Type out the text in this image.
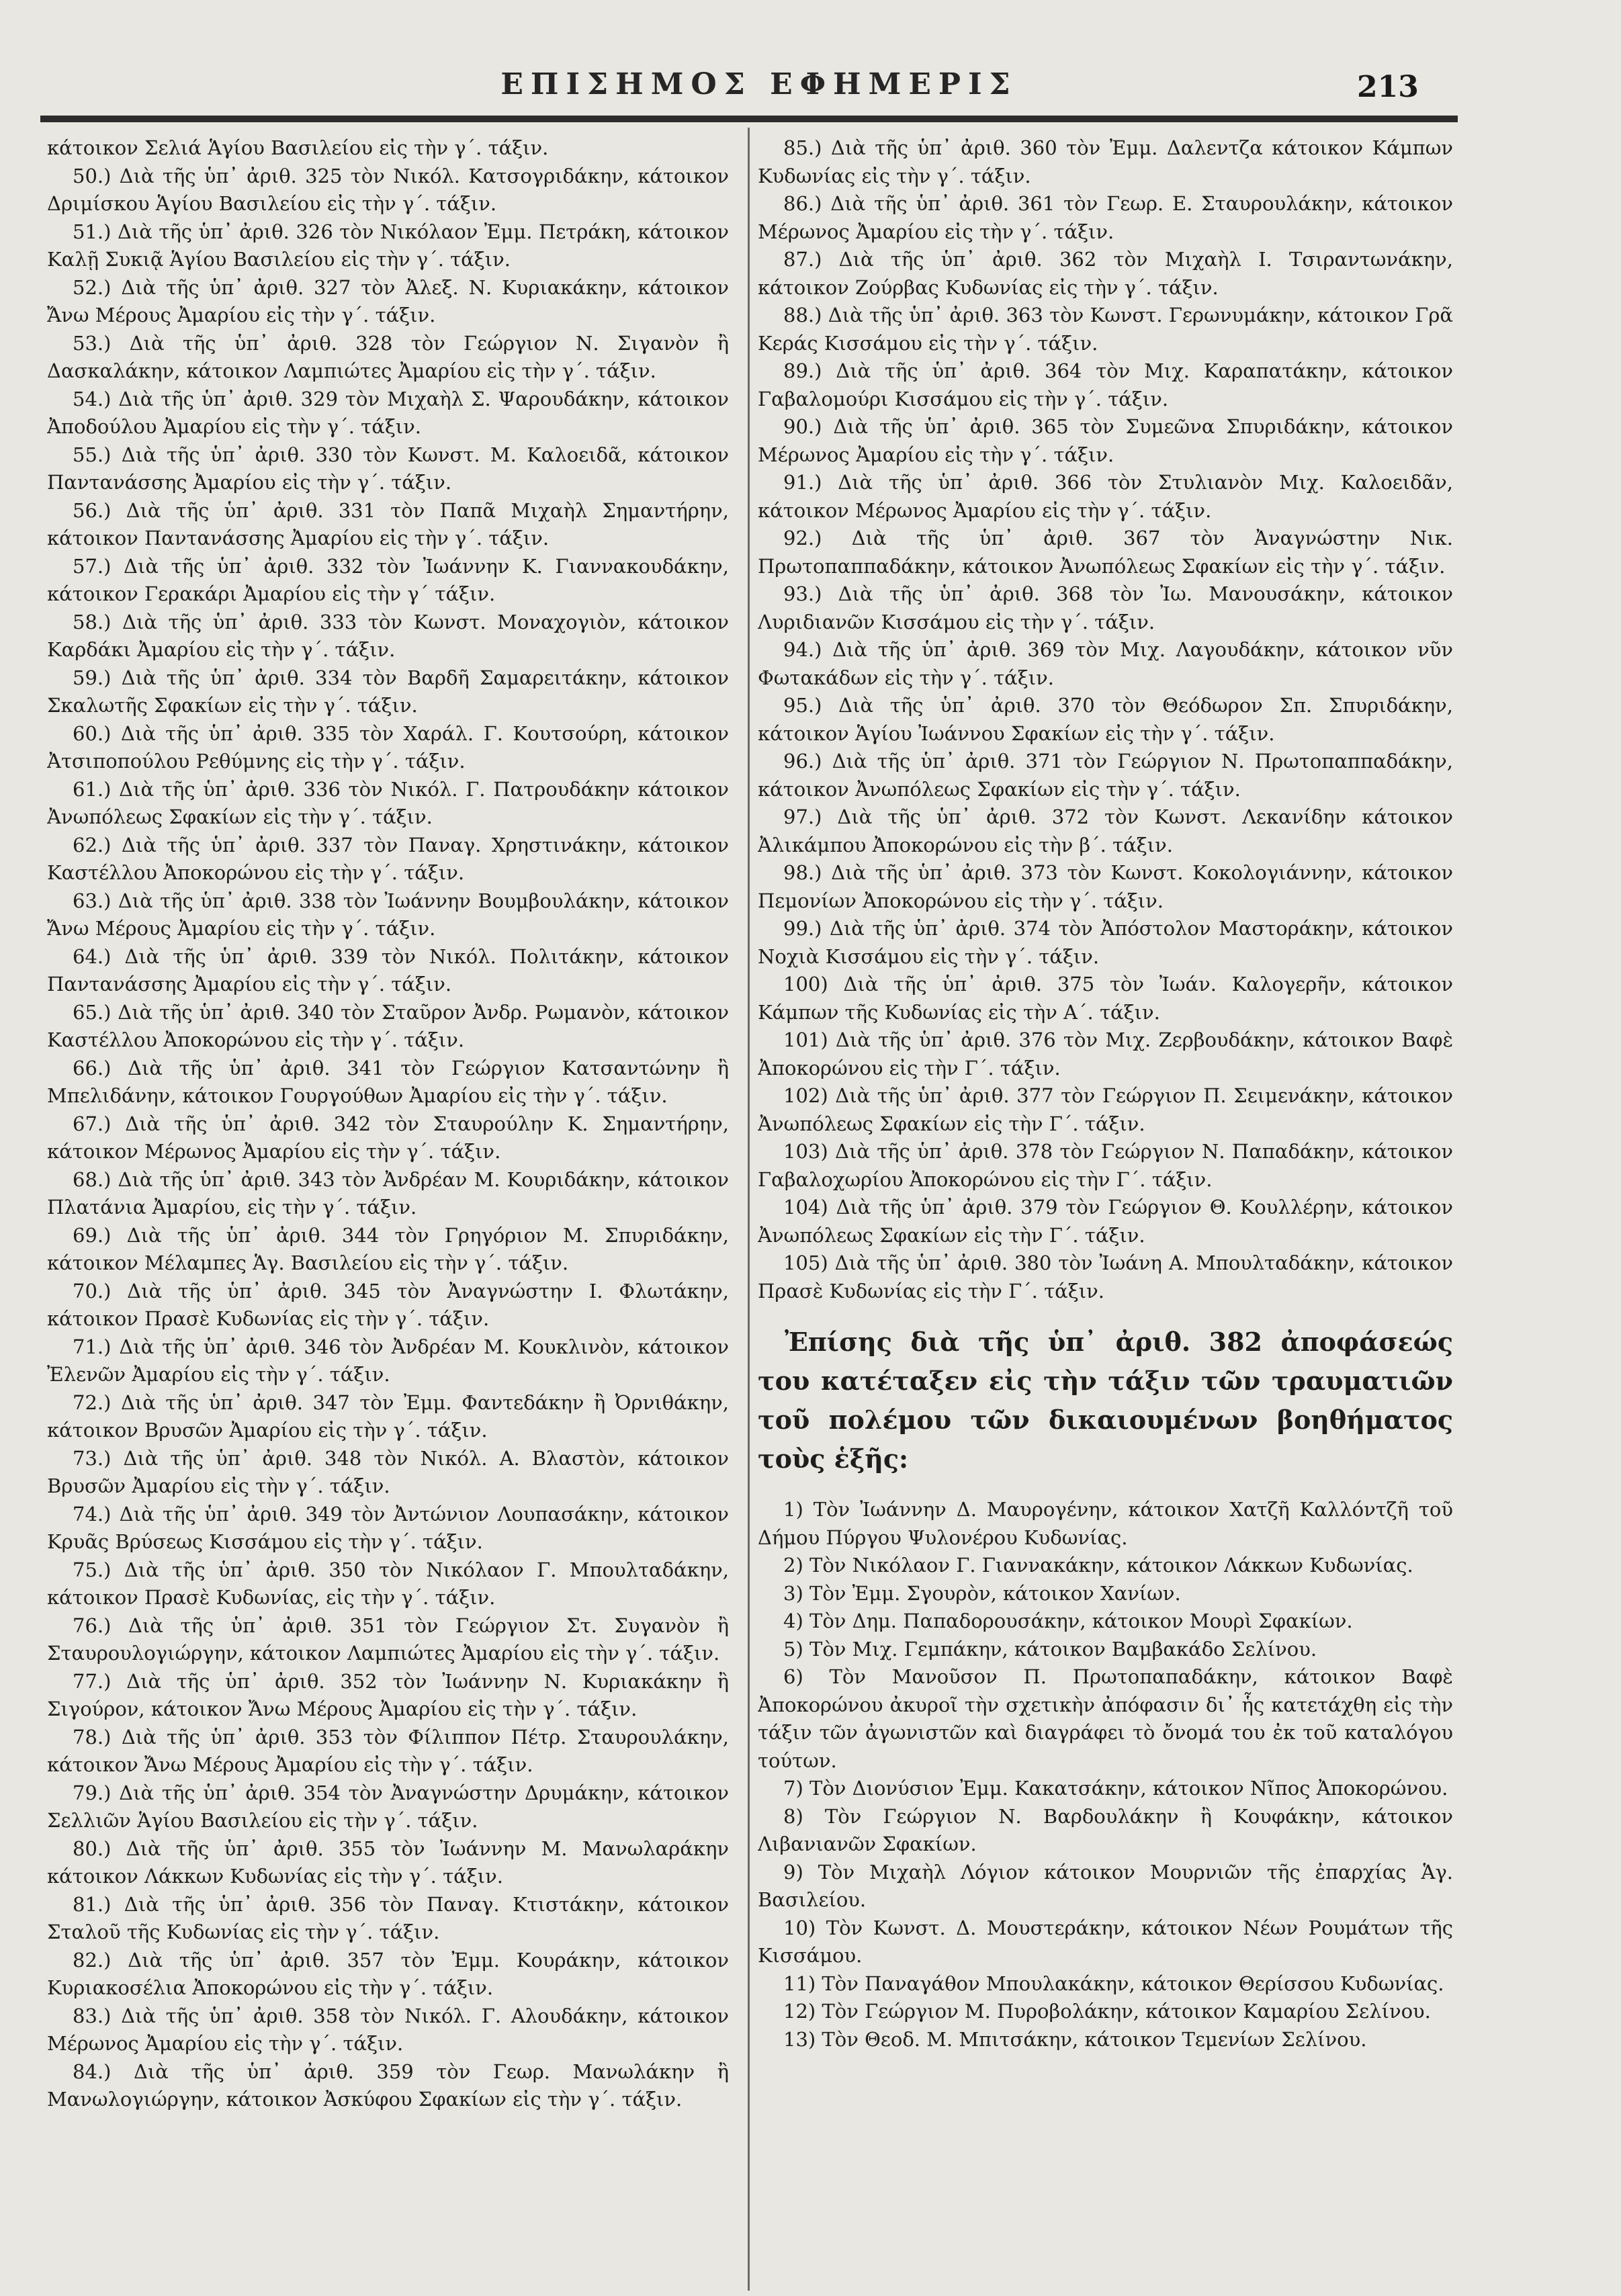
ΕΠΙΣΗΜΟΣ ΕΦΗΜΕΡΙΣ	213

κάτοικον Σελιά Ἁγίου Βασιλείου εἰς τὴν γ΄. τάξιν.

50.) Διὰ τῆς ὑπ᾽ ἀριθ. 325 τὸν Νικόλ. Κατσογριδάκην, κάτοικον Δριμίσκου Ἁγίου Βασιλείου εἰς τὴν γ΄. τάξιν.

51.) Διὰ τῆς ὑπ᾽ ἀριθ. 326 τὸν Νικόλαον Ἐμμ. Πετράκη, κάτοικον Καλῇ Συκιᾷ Ἁγίου Βασιλείου εἰς τὴν γ΄. τάξιν.

52.) Διὰ τῆς ὑπ᾽ ἀριθ. 327 τὸν Ἀλεξ. Ν. Κυριακάκην, κάτοικον Ἄνω Μέρους Ἀμαρίου εἰς τὴν γ΄. τάξιν.

53.) Διὰ τῆς ὑπ᾽ ἀριθ. 328 τὸν Γεώργιον Ν. Σιγανὸν ἢ Δασκαλάκην, κάτοικον Λαμπιώτες Ἀμαρίου εἰς τὴν γ΄. τάξιν.

54.) Διὰ τῆς ὑπ᾽ ἀριθ. 329 τὸν Μιχαὴλ Σ. Ψαρουδάκην, κάτοικον Ἀποδούλου Ἀμαρίου εἰς τὴν γ΄. τάξιν.

55.) Διὰ τῆς ὑπ᾽ ἀριθ. 330 τὸν Κωνστ. Μ. Καλοειδᾶ, κάτοικον Παντανάσσης Ἀμαρίου εἰς τὴν γ΄. τάξιν.

56.) Διὰ τῆς ὑπ᾽ ἀριθ. 331 τὸν Παπᾶ Μιχαὴλ Σημαντήρην, κάτοικον Παντανάσσης Ἀμαρίου εἰς τὴν γ΄. τάξιν.

57.) Διὰ τῆς ὑπ᾽ ἀριθ. 332 τὸν Ἰωάννην Κ. Γιαννακουδάκην, κάτοικον Γερακάρι Ἀμαρίου εἰς τὴν γ΄ τάξιν.

58.) Διὰ τῆς ὑπ᾽ ἀριθ. 333 τὸν Κωνστ. Μοναχογιὸν, κάτοικον Καρδάκι Ἀμαρίου εἰς τὴν γ΄. τάξιν.

59.) Διὰ τῆς ὑπ᾽ ἀριθ. 334 τὸν Βαρδῆ Σαμαρειτάκην, κάτοικον Σκαλωτῆς Σφακίων εἰς τὴν γ΄. τάξιν.

60.) Διὰ τῆς ὑπ᾽ ἀριθ. 335 τὸν Χαράλ. Γ. Κουτσούρη, κάτοικον Ἀτσιποπούλου Ρεθύμνης εἰς τὴν γ΄. τάξιν.

61.) Διὰ τῆς ὑπ᾽ ἀριθ. 336 τὸν Νικόλ. Γ. Πατρουδάκην κάτοικον Ἀνωπόλεως Σφακίων εἰς τὴν γ΄. τάξιν.

62.) Διὰ τῆς ὑπ᾽ ἀριθ. 337 τὸν Παναγ. Χρηστινάκην, κάτοικον Καστέλλου Ἀποκορώνου εἰς τὴν γ΄. τάξιν.

63.) Διὰ τῆς ὑπ᾽ ἀριθ. 338 τὸν Ἰωάννην Βουμβουλάκην, κάτοικον Ἄνω Μέρους Ἀμαρίου εἰς τὴν γ΄. τάξιν.

64.) Διὰ τῆς ὑπ᾽ ἀριθ. 339 τὸν Νικόλ. Πολιτάκην, κάτοικον Παντανάσσης Ἀμαρίου εἰς τὴν γ΄. τάξιν.

65.) Διὰ τῆς ὑπ᾽ ἀριθ. 340 τὸν Σταῦρον Ἀνδρ. Ρωμανὸν, κάτοικον Καστέλλου Ἀποκορώνου εἰς τὴν γ΄. τάξιν.

66.) Διὰ τῆς ὑπ᾽ ἀριθ. 341 τὸν Γεώργιον Κατσαντώνην ἢ Μπελιδάνην, κάτοικον Γουργούθων Ἀμαρίου εἰς τὴν γ΄. τάξιν.

67.) Διὰ τῆς ὑπ᾽ ἀριθ. 342 τὸν Σταυρούλην Κ. Σημαντήρην, κάτοικον Μέρωνος Ἀμαρίου εἰς τὴν γ΄. τάξιν.

68.) Διὰ τῆς ὑπ᾽ ἀριθ. 343 τὸν Ἀνδρέαν Μ. Κουριδάκην, κάτοικον Πλατάνια Ἀμαρίου, εἰς τὴν γ΄. τάξιν.

69.) Διὰ τῆς ὑπ᾽ ἀριθ. 344 τὸν Γρηγόριον Μ. Σπυριδάκην, κάτοικον Μέλαμπες Ἁγ. Βασιλείου εἰς τὴν γ΄. τάξιν.

70.) Διὰ τῆς ὑπ᾽ ἀριθ. 345 τὸν Ἀναγνώστην Ι. Φλωτάκην, κάτοικον Πρασὲ Κυδωνίας εἰς τὴν γ΄. τάξιν.

71.) Διὰ τῆς ὑπ᾽ ἀριθ. 346 τὸν Ἀνδρέαν Μ. Κουκλινὸν, κάτοικον Ἐλενῶν Ἀμαρίου εἰς τὴν γ΄. τάξιν.

72.) Διὰ τῆς ὑπ᾽ ἀριθ. 347 τὸν Ἐμμ. Φαντεδάκην ἢ Ὀρνιθάκην, κάτοικον Βρυσῶν Ἀμαρίου εἰς τὴν γ΄. τάξιν.

73.) Διὰ τῆς ὑπ᾽ ἀριθ. 348 τὸν Νικόλ. Α. Βλαστὸν, κάτοικον Βρυσῶν Ἀμαρίου εἰς τὴν γ΄. τάξιν.

74.) Διὰ τῆς ὑπ᾽ ἀριθ. 349 τὸν Ἀντώνιον Λουπασάκην, κάτοικον Κρυᾶς Βρύσεως Κισσάμου εἰς τὴν γ΄. τάξιν.

75.) Διὰ τῆς ὑπ᾽ ἀριθ. 350 τὸν Νικόλαον Γ. Μπουλταδάκην, κάτοικον Πρασὲ Κυδωνίας, εἰς τὴν γ΄. τάξιν.

76.) Διὰ τῆς ὑπ᾽ ἀριθ. 351 τὸν Γεώργιον Στ. Συγανὸν ἢ Σταυρουλογιώργην, κάτοικον Λαμπιώτες Ἀμαρίου εἰς τὴν γ΄. τάξιν.

77.) Διὰ τῆς ὑπ᾽ ἀριθ. 352 τὸν Ἰωάννην Ν. Κυριακάκην ἢ Σιγούρον, κάτοικον Ἄνω Μέρους Ἀμαρίου εἰς τὴν γ΄. τάξιν.

78.) Διὰ τῆς ὑπ᾽ ἀριθ. 353 τὸν Φίλιππον Πέτρ. Σταυρουλάκην, κάτοικον Ἄνω Μέρους Ἀμαρίου εἰς τὴν γ΄. τάξιν.

79.) Διὰ τῆς ὑπ᾽ ἀριθ. 354 τὸν Ἀναγνώστην Δρυμάκην, κάτοικον Σελλιῶν Ἁγίου Βασιλείου εἰς τὴν γ΄. τάξιν.

80.) Διὰ τῆς ὑπ᾽ ἀριθ. 355 τὸν Ἰωάννην Μ. Μανωλαράκην κάτοικον Λάκκων Κυδωνίας εἰς τὴν γ΄. τάξιν.

81.) Διὰ τῆς ὑπ᾽ ἀριθ. 356 τὸν Παναγ. Κτιστάκην, κάτοικον Σταλοῦ τῆς Κυδωνίας εἰς τὴν γ΄. τάξιν.

82.) Διὰ τῆς ὑπ᾽ ἀριθ. 357 τὸν Ἐμμ. Κουράκην, κάτοικον Κυριακοσέλια Ἀποκορώνου εἰς τὴν γ΄. τάξιν.

83.) Διὰ τῆς ὑπ᾽ ἀριθ. 358 τὸν Νικόλ. Γ. Αλουδάκην, κάτοικον Μέρωνος Ἀμαρίου εἰς τὴν γ΄. τάξιν.

84.) Διὰ τῆς ὑπ᾽ ἀριθ. 359 τὸν Γεωρ. Μανωλάκην ἢ Μανωλογιώργην, κάτοικον Ἀσκύφου Σφακίων εἰς τὴν γ΄. τάξιν.

85.) Διὰ τῆς ὑπ᾽ ἀριθ. 360 τὸν Ἐμμ. Δαλεντζα κάτοικον Κάμπων Κυδωνίας εἰς τὴν γ΄. τάξιν.

86.) Διὰ τῆς ὑπ᾽ ἀριθ. 361 τὸν Γεωρ. Ε. Σταυρουλάκην, κάτοικον Μέρωνος Ἀμαρίου εἰς τὴν γ΄. τάξιν.

87.) Διὰ τῆς ὑπ᾽ ἀριθ. 362 τὸν Μιχαὴλ Ι. Τσιραντωνάκην, κάτοικον Ζούρβας Κυδωνίας εἰς τὴν γ΄. τάξιν.

88.) Διὰ τῆς ὑπ᾽ ἀριθ. 363 τὸν Κωνστ. Γερωνυμάκην, κάτοικον Γρᾶ Κεράς Κισσάμου εἰς τὴν γ΄. τάξιν.

89.) Διὰ τῆς ὑπ᾽ ἀριθ. 364 τὸν Μιχ. Καραπατάκην, κάτοικον Γαβαλομούρι Κισσάμου εἰς τὴν γ΄. τάξιν.

90.) Διὰ τῆς ὑπ᾽ ἀριθ. 365 τὸν Συμεῶνα Σπυριδάκην, κάτοικον Μέρωνος Ἀμαρίου εἰς τὴν γ΄. τάξιν.

91.) Διὰ τῆς ὑπ᾽ ἀριθ. 366 τὸν Στυλιανὸν Μιχ. Καλοειδᾶν, κάτοικον Μέρωνος Ἀμαρίου εἰς τὴν γ΄. τάξιν.

92.) Διὰ τῆς ὑπ᾽ ἀριθ. 367 τὸν Ἀναγνώστην Νικ. Πρωτοπαππαδάκην, κάτοικον Ἀνωπόλεως Σφακίων εἰς τὴν γ΄. τάξιν.

93.) Διὰ τῆς ὑπ᾽ ἀριθ. 368 τὸν Ἰω. Μανουσάκην, κάτοικον Λυριδιανῶν Κισσάμου εἰς τὴν γ΄. τάξιν.

94.) Διὰ τῆς ὑπ᾽ ἀριθ. 369 τὸν Μιχ. Λαγουδάκην, κάτοικον νῦν Φωτακάδων εἰς τὴν γ΄. τάξιν.

95.) Διὰ τῆς ὑπ᾽ ἀριθ. 370 τὸν Θεόδωρον Σπ. Σπυριδάκην, κάτοικον Ἁγίου Ἰωάννου Σφακίων εἰς τὴν γ΄. τάξιν.

96.) Διὰ τῆς ὑπ᾽ ἀριθ. 371 τὸν Γεώργιον Ν. Πρωτοπαππαδάκην, κάτοικον Ἀνωπόλεως Σφακίων εἰς τὴν γ΄. τάξιν.

97.) Διὰ τῆς ὑπ᾽ ἀριθ. 372 τὸν Κωνστ. Λεκανίδην κάτοικον Ἀλικάμπου Ἀποκορώνου εἰς τὴν β΄. τάξιν.

98.) Διὰ τῆς ὑπ᾽ ἀριθ. 373 τὸν Κωνστ. Κοκολογιάννην, κάτοικον Πεμονίων Ἀποκορώνου εἰς τὴν γ΄. τάξιν.

99.) Διὰ τῆς ὑπ᾽ ἀριθ. 374 τὸν Ἀπόστολον Μαστοράκην, κάτοικον Νοχιὰ Κισσάμου εἰς τὴν γ΄. τάξιν.

100) Διὰ τῆς ὑπ᾽ ἀριθ. 375 τὸν Ἰωάν. Καλογερῆν, κάτοικον Κάμπων τῆς Κυδωνίας εἰς τὴν Α΄. τάξιν.

101) Διὰ τῆς ὑπ᾽ ἀριθ. 376 τὸν Μιχ. Ζερβουδάκην, κάτοικον Βαφὲ Ἀποκορώνου εἰς τὴν Γ΄. τάξιν.

102) Διὰ τῆς ὑπ᾽ ἀριθ. 377 τὸν Γεώργιον Π. Σειμενάκην, κάτοικον Ἀνωπόλεως Σφακίων εἰς τὴν Γ΄. τάξιν.

103) Διὰ τῆς ὑπ᾽ ἀριθ. 378 τὸν Γεώργιον Ν. Παπαδάκην, κάτοικον Γαβαλοχωρίου Ἀποκορώνου εἰς τὴν Γ΄. τάξιν.

104) Διὰ τῆς ὑπ᾽ ἀριθ. 379 τὸν Γεώργιον Θ. Κουλλέρην, κάτοικον Ἀνωπόλεως Σφακίων εἰς τὴν Γ΄. τάξιν.

105) Διὰ τῆς ὑπ᾽ ἀριθ. 380 τὸν Ἰωάνη Α. Μπουλταδάκην, κάτοικον Πρασὲ Κυδωνίας εἰς τὴν Γ΄. τάξιν.

Ἐπίσης διὰ τῆς ὑπ᾽ ἀριθ. 382 ἀποφάσεώς του κατέταξεν εἰς τὴν τάξιν τῶν τραυματιῶν τοῦ πολέμου τῶν δικαιουμένων βοηθήματος τοὺς ἑξῆς:

1) Τὸν Ἰωάννην Δ. Μαυρογένην, κάτοικον Χατζῆ Καλλόντζῆ τοῦ Δήμου Πύργου Ψυλονέρου Κυδωνίας.

2) Τὸν Νικόλαον Γ. Γιαννακάκην, κάτοικον Λάκκων Κυδωνίας.

3) Τὸν Ἐμμ. Σγουρὸν, κάτοικον Χανίων.

4) Τὸν Δημ. Παπαδορουσάκην, κάτοικον Μουρὶ Σφακίων.

5) Τὸν Μιχ. Γεμπάκην, κάτοικον Βαμβακάδο Σελίνου.

6) Τὸν Μανοῦσον Π. Πρωτοπαπαδάκην, κάτοικον Βαφὲ Ἀποκορώνου ἀκυροῖ τὴν σχετικὴν ἀπόφασιν δι᾽ ἧς κατετάχθη εἰς τὴν τάξιν τῶν ἀγωνιστῶν καὶ διαγράφει τὸ ὄνομά του ἐκ τοῦ καταλόγου τούτων.

7) Τὸν Διονύσιον Ἐμμ. Κακατσάκην, κάτοικον Νῖπος Ἀποκορώνου.

8) Τὸν Γεώργιον Ν. Βαρδουλάκην ἢ Κουφάκην, κάτοικον Λιβανιανῶν Σφακίων.

9) Τὸν Μιχαὴλ Λόγιον κάτοικον Μουρνιῶν τῆς ἐπαρχίας Ἁγ. Βασιλείου.

10) Τὸν Κωνστ. Δ. Μουστεράκην, κάτοικον Νέων Ρουμάτων τῆς Κισσάμου.

11) Τὸν Παναγάθον Μπουλακάκην, κάτοικον Θερίσσου Κυδωνίας.

12) Τὸν Γεώργιον Μ. Πυροβολάκην, κάτοικον Καμαρίου Σελίνου.

13) Τὸν Θεοδ. Μ. Μπιτσάκην, κάτοικον Τεμενίων Σελίνου.
